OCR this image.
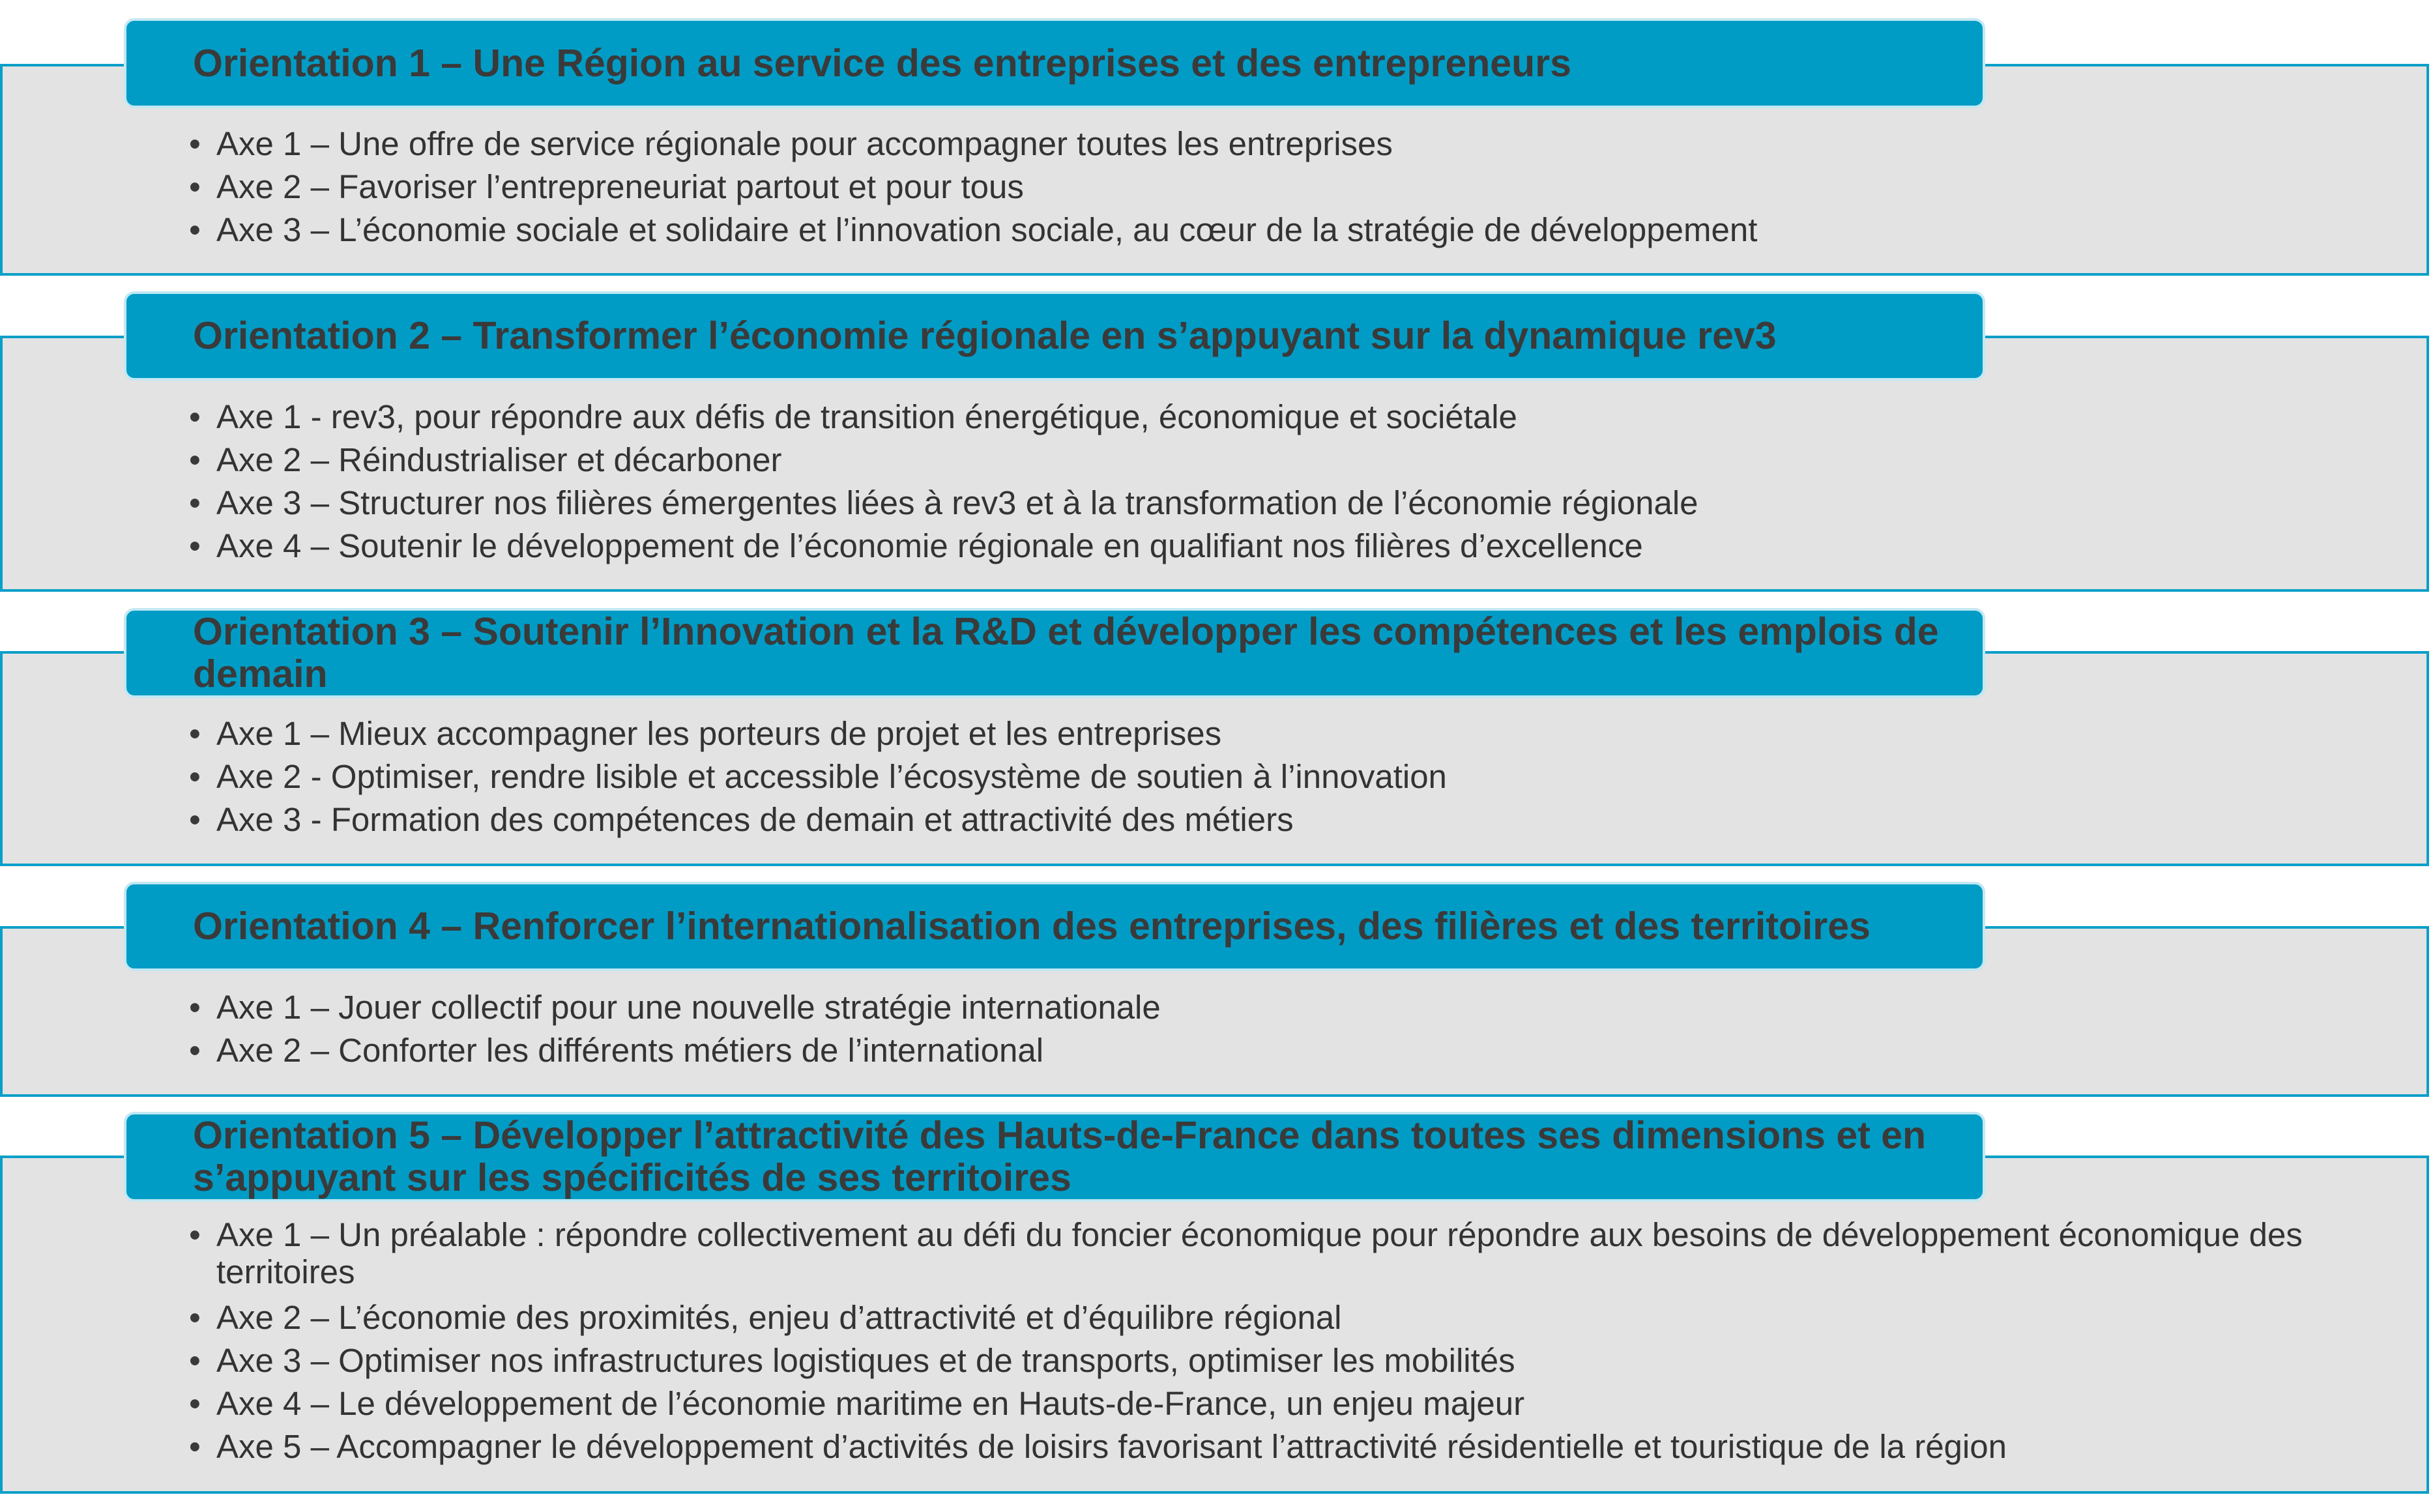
Orientation 1 – Une Région au service des entreprises et des entrepreneurs
• Axe 1 – Une offre de service régionale pour accompagner toutes les entreprises
• Axe 2 – Favoriser l’entrepreneuriat partout et pour tous
• Axe 3 – L’économie sociale et solidaire et l’innovation sociale, au cœur de la stratégie de développement
Orientation 2 – Transformer l’économie régionale en s’appuyant sur la dynamique rev3
• Axe 1 - rev3, pour répondre aux défis de transition énergétique, économique et sociétale
• Axe 2 – Réindustrialiser et décarboner
• Axe 3 – Structurer nos filières émergentes liées à rev3 et à la transformation de l’économie régionale
• Axe 4 – Soutenir le développement de l’économie régionale en qualifiant nos filières d’excellence
Orientation 3 – Soutenir l’Innovation et la R&D et développer les compétences et les emplois de demain
• Axe 1 – Mieux accompagner les porteurs de projet et les entreprises
• Axe 2 - Optimiser, rendre lisible et accessible l’écosystème de soutien à l’innovation
• Axe 3 - Formation des compétences de demain et attractivité des métiers
Orientation 4 – Renforcer l’internationalisation des entreprises, des filières et des territoires
• Axe 1 – Jouer collectif pour une nouvelle stratégie internationale
• Axe 2 – Conforter les différents métiers de l’international
Orientation 5 – Développer l’attractivité des Hauts-de-France dans toutes ses dimensions et en s’appuyant sur les spécificités de ses territoires
• Axe 1 – Un préalable : répondre collectivement au défi du foncier économique pour répondre aux besoins de développement économique des territoires
• Axe 2 – L’économie des proximités, enjeu d’attractivité et d’équilibre régional
• Axe 3 – Optimiser nos infrastructures logistiques et de transports, optimiser les mobilités
• Axe 4 – Le développement de l’économie maritime en Hauts-de-France, un enjeu majeur
• Axe 5 – Accompagner le développement d’activités de loisirs favorisant l’attractivité résidentielle et touristique de la région
